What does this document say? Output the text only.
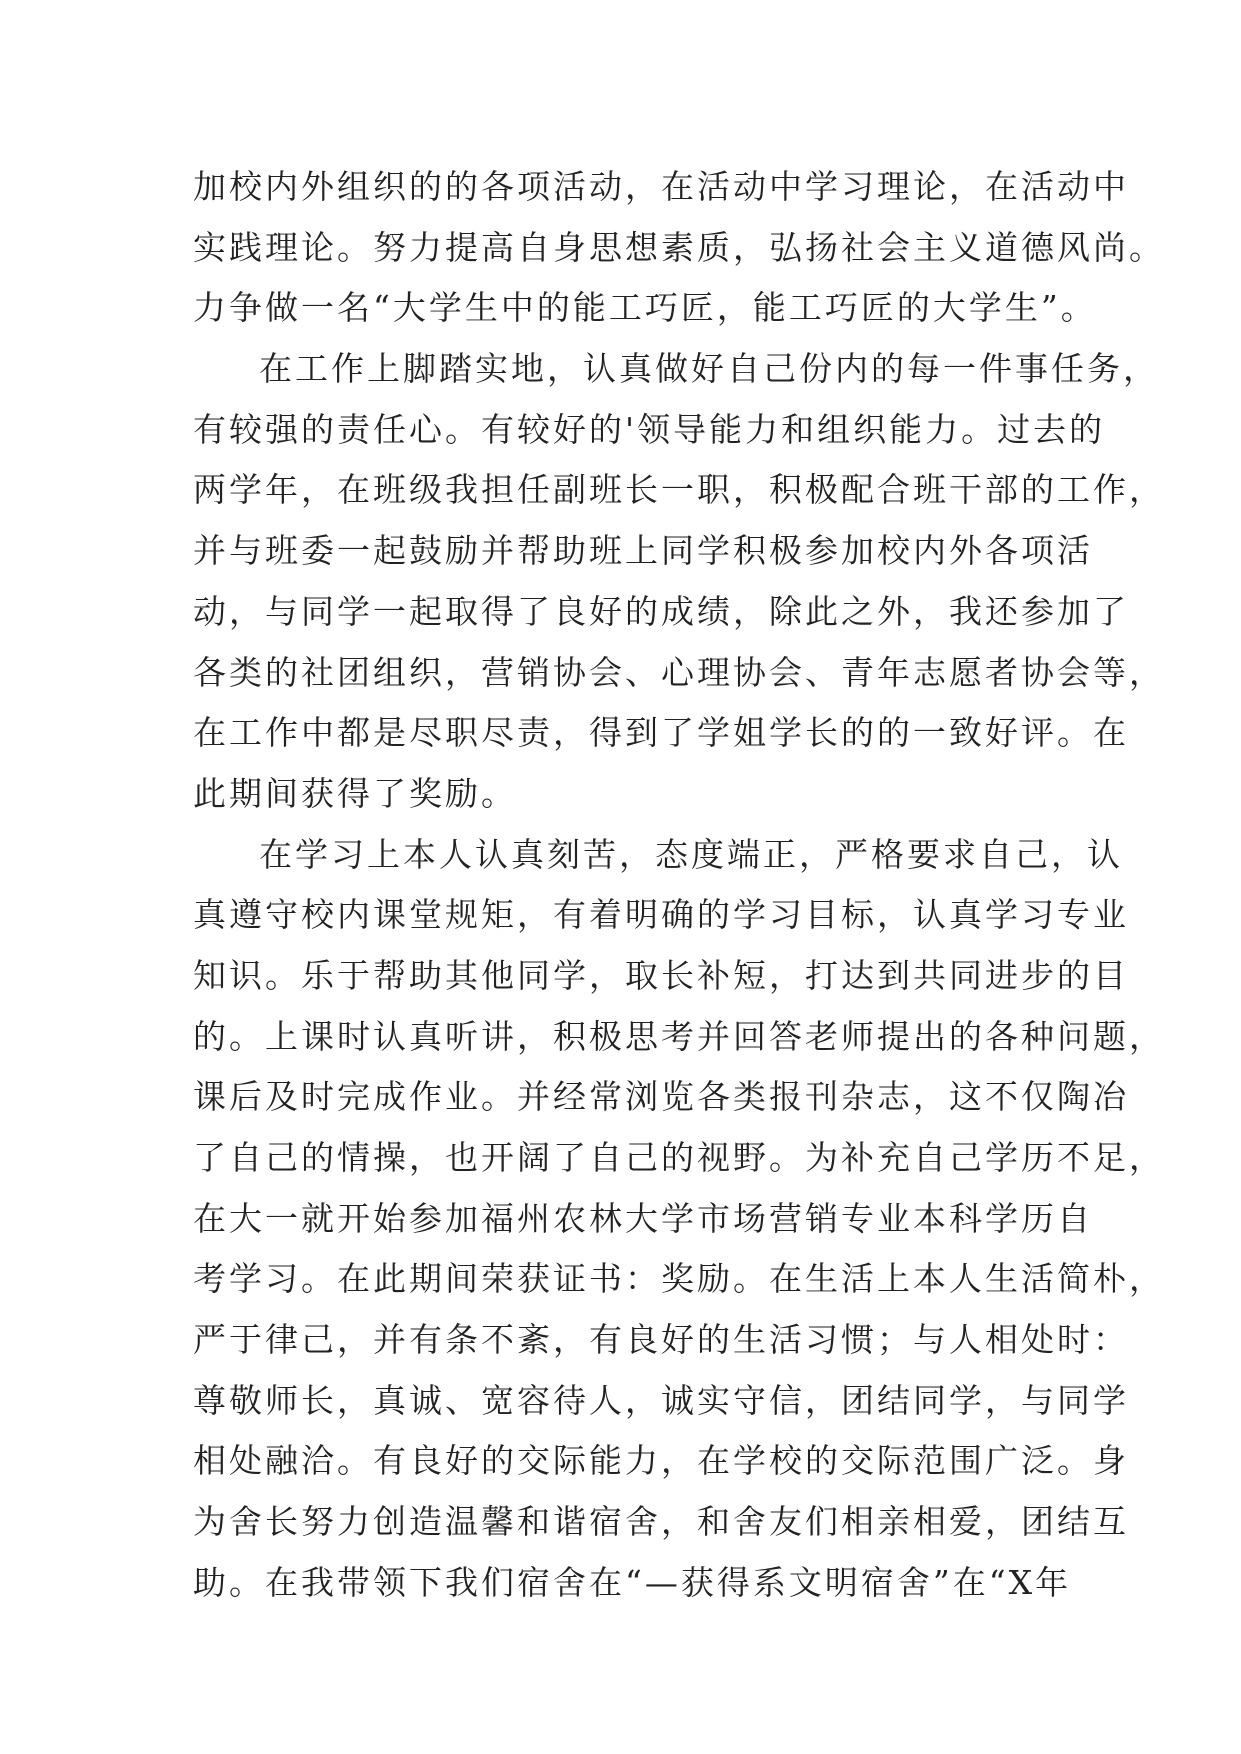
加校内外组织的的各项活动，在活动中学习理论，在活动中
实践理论。努力提高自身思想素质，弘扬社会主义道德风尚。
力争做一名“大学生中的能工巧匠，能工巧匠的大学生”。
在工作上脚踏实地，认真做好自己份内的每一件事任务，
有较强的责任心。有较好的'领导能力和组织能力。过去的
两学年，在班级我担任副班长一职，积极配合班干部的工作，
并与班委一起鼓励并帮助班上同学积极参加校内外各项活
动，与同学一起取得了良好的成绩，除此之外，我还参加了
各类的社团组织，营销协会、心理协会、青年志愿者协会等，
在工作中都是尽职尽责，得到了学姐学长的的一致好评。在
此期间获得了奖励。
在学习上本人认真刻苦，态度端正，严格要求自己，认
真遵守校内课堂规矩，有着明确的学习目标，认真学习专业
知识。乐于帮助其他同学，取长补短，打达到共同进步的目
的。上课时认真听讲，积极思考并回答老师提出的各种问题，
课后及时完成作业。并经常浏览各类报刊杂志，这不仅陶冶
了自己的情操，也开阔了自己的视野。为补充自己学历不足，
在大一就开始参加福州农林大学市场营销专业本科学历自
考学习。在此期间荣获证书：奖励。在生活上本人生活简朴，
严于律己，并有条不紊，有良好的生活习惯；与人相处时：
尊敬师长，真诚、宽容待人，诚实守信，团结同学，与同学
相处融洽。有良好的交际能力，在学校的交际范围广泛。身
为舍长努力创造温馨和谐宿舍，和舍友们相亲相爱，团结互
助。在我带领下我们宿舍在“—获得系文明宿舍”在“X年
